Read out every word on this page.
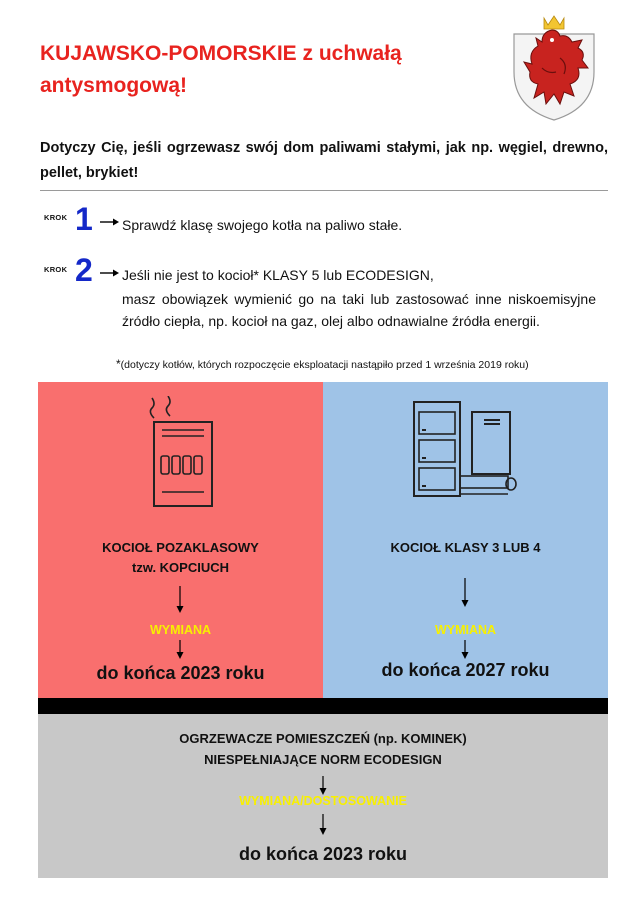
KUJAWSKO-POMORSKIE z uchwałą
antysmogową!
Dotyczy Cię, jeśli ogrzewasz swój dom paliwami stałymi, jak np. węgiel, drewno, pellet, brykiet!
KROK 1 Sprawdź klasę swojego kotła na paliwo stałe.
KROK 2 Jeśli nie jest to kocioł* KLASY 5 lub ECODESIGN,
masz obowiązek wymienić go na taki lub zastosować inne niskoemisyjne źródło ciepła, np. kocioł na gaz, olej albo odnawialne źródła energii.
*(dotyczy kotłów, których rozpoczęcie eksploatacji nastąpiło przed 1 września 2019 roku)
KOCIOŁ POZAKLASOWY
tzw. KOPCIUCH
WYMIANA
do końca 2023 roku
KOCIOŁ KLASY 3 LUB 4
WYMIANA
do końca 2027 roku
OGRZEWACZE POMIESZCZEŃ (np. KOMINEK)
NIESPEŁNIAJĄCE NORM ECODESIGN
WYMIANA/DOSTOSOWANIE
do końca 2023 roku
